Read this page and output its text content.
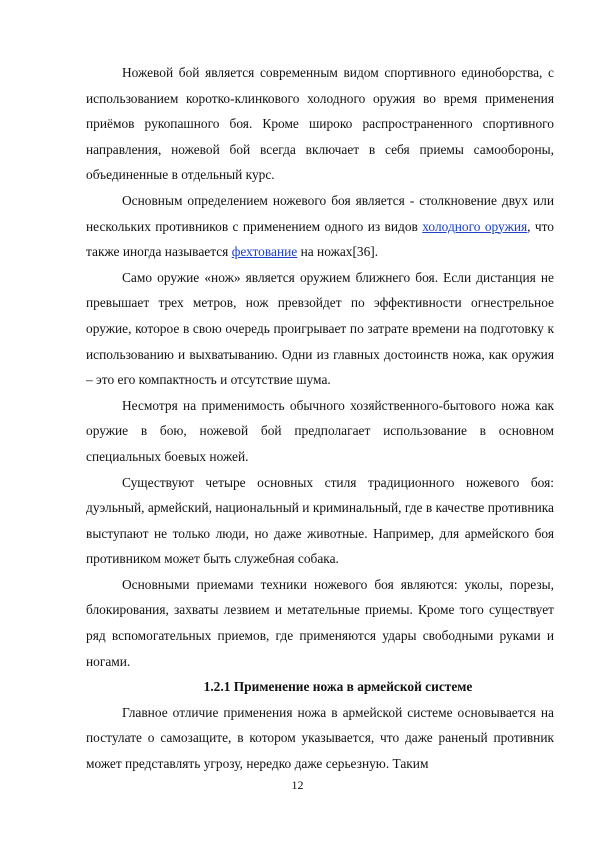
Ножевой бой является современным видом спортивного единоборства, с использованием коротко-клинкового холодного оружия во время применения приёмов рукопашного боя. Кроме широко распространенного спортивного направления, ножевой бой всегда включает в себя приемы самообороны, объединенные в отдельный курс.

Основным определением ножевого боя является - столкновение двух или нескольких противников с применением одного из видов холодного оружия, что также иногда называется фехтование на ножах[36].

Само оружие «нож» является оружием ближнего боя. Если дистанция не превышает трех метров, нож превзойдет по эффективности огнестрельное оружие, которое в свою очередь проигрывает по затрате времени на подготовку к использованию и выхватыванию. Одни из главных достоинств ножа, как оружия – это его компактность и отсутствие шума.

Несмотря на применимость обычного хозяйственного-бытового ножа как оружие в бою, ножевой бой предполагает использование в основном специальных боевых ножей.

Существуют четыре основных стиля традиционного ножевого боя: дуэльный, армейский, национальный и криминальный, где в качестве противника выступают не только люди, но даже животные. Например, для армейского боя противником может быть служебная собака.

Основными приемами техники ножевого боя являются: уколы, порезы, блокирования, захваты лезвием и метательные приемы. Кроме того существует ряд вспомогательных приемов, где применяются удары свободными руками и ногами.

1.2.1 Применение ножа в армейской системе

Главное отличие применения ножа в армейской системе основывается на постулате о самозащите, в котором указывается, что даже раненый противник может представлять угрозу, нередко даже серьезную. Таким

12
